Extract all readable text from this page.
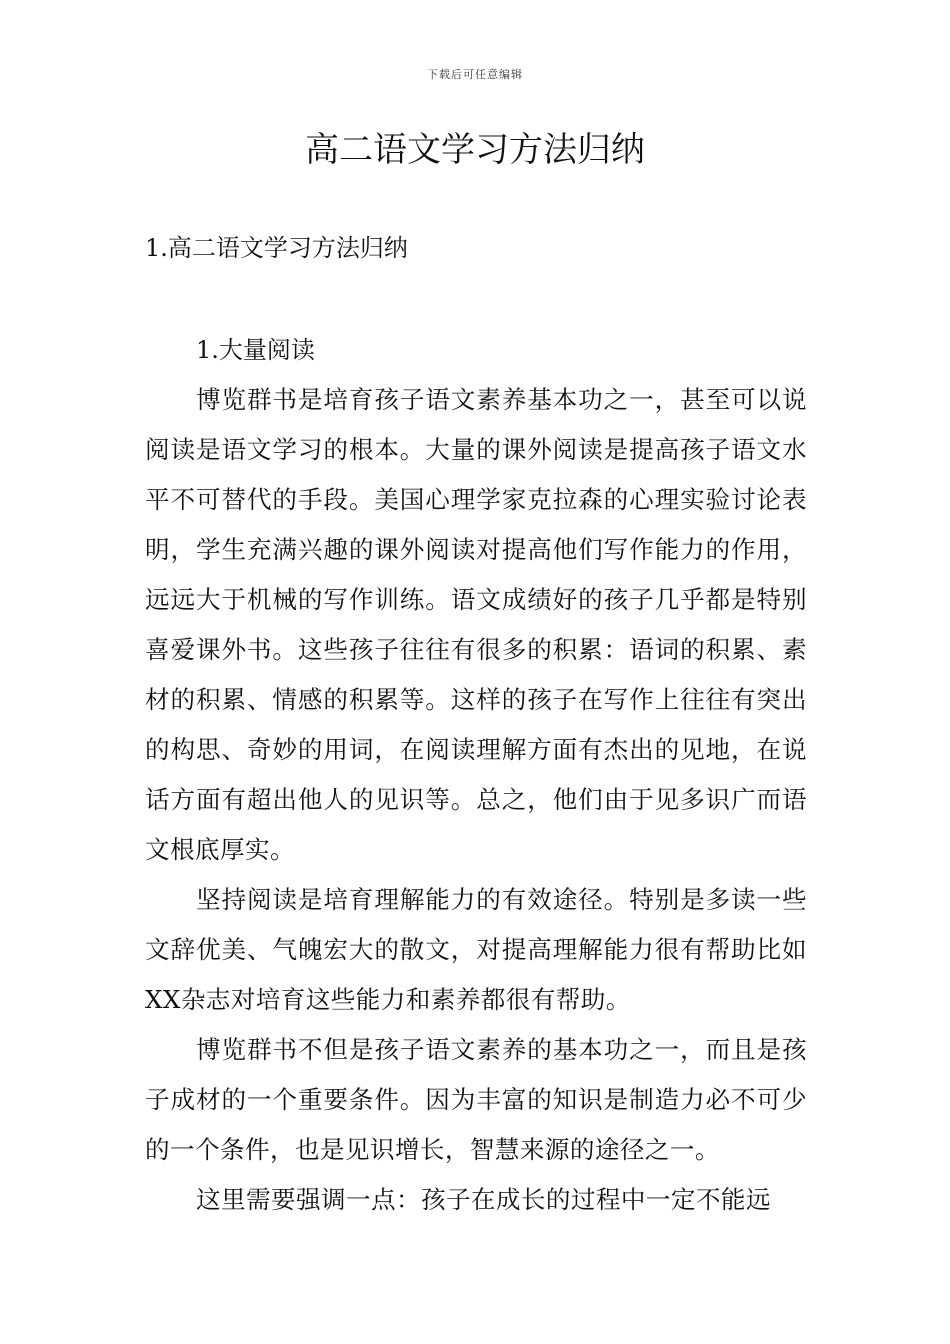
下载后可任意编辑
高二语文学习方法归纳
1.高二语文学习方法归纳
1.大量阅读

博览群书是培育孩子语文素养基本功之一，甚至可以说阅读是语文学习的根本。大量的课外阅读是提高孩子语文水平不可替代的手段。美国心理学家克拉森的心理实验讨论表明，学生充满兴趣的课外阅读对提高他们写作能力的作用，远远大于机械的写作训练。语文成绩好的孩子几乎都是特别喜爱课外书。这些孩子往往有很多的积累：语词的积累、素材的积累、情感的积累等。这样的孩子在写作上往往有突出的构思、奇妙的用词，在阅读理解方面有杰出的见地，在说话方面有超出他人的见识等。总之，他们由于见多识广而语文根底厚实。

坚持阅读是培育理解能力的有效途径。特别是多读一些文辞优美、气魄宏大的散文，对提高理解能力很有帮助比如XX杂志对培育这些能力和素养都很有帮助。

博览群书不但是孩子语文素养的基本功之一，而且是孩子成材的一个重要条件。因为丰富的知识是制造力必不可少的一个条件，也是见识增长，智慧来源的途径之一。

这里需要强调一点：孩子在成长的过程中一定不能远
